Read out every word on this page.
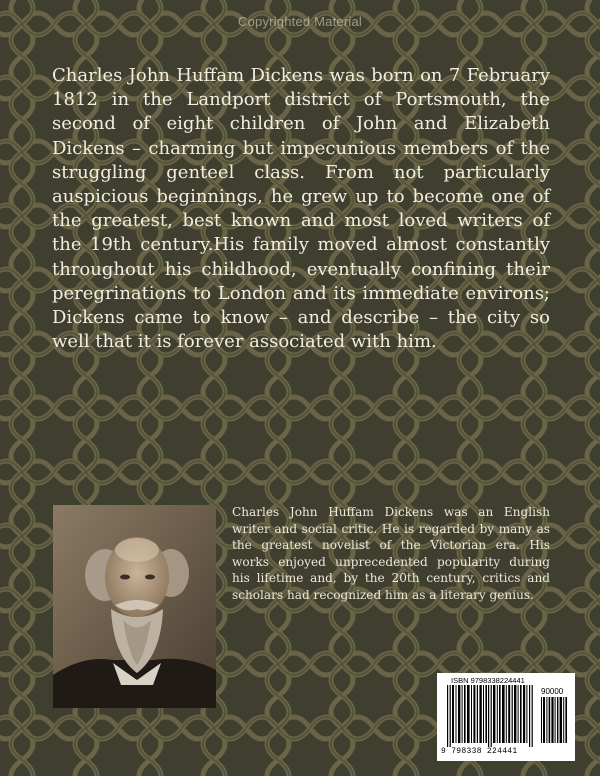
Copyrighted Material

Charles John Huffam Dickens was born on 7 February 1812 in the Landport district of Portsmouth, the second of eight children of John and Elizabeth Dickens – charming but impecunious members of the struggling genteel class. From not particularly auspicious beginnings, he grew up to become one of the greatest, best known and most loved writers of the 19th century.His family moved almost constantly throughout his childhood, eventually confining their peregrinations to London and its immediate environs; Dickens came to know – and describe – the city so well that it is forever associated with him.

Charles John Huffam Dickens was an English writer and social critic. He is regarded by many as the greatest novelist of the Victorian era. His works enjoyed unprecedented popularity during his lifetime and, by the 20th century, critics and scholars had recognized him as a literary genius.

ISBN 9798338224441
90000
9 798338 224441
